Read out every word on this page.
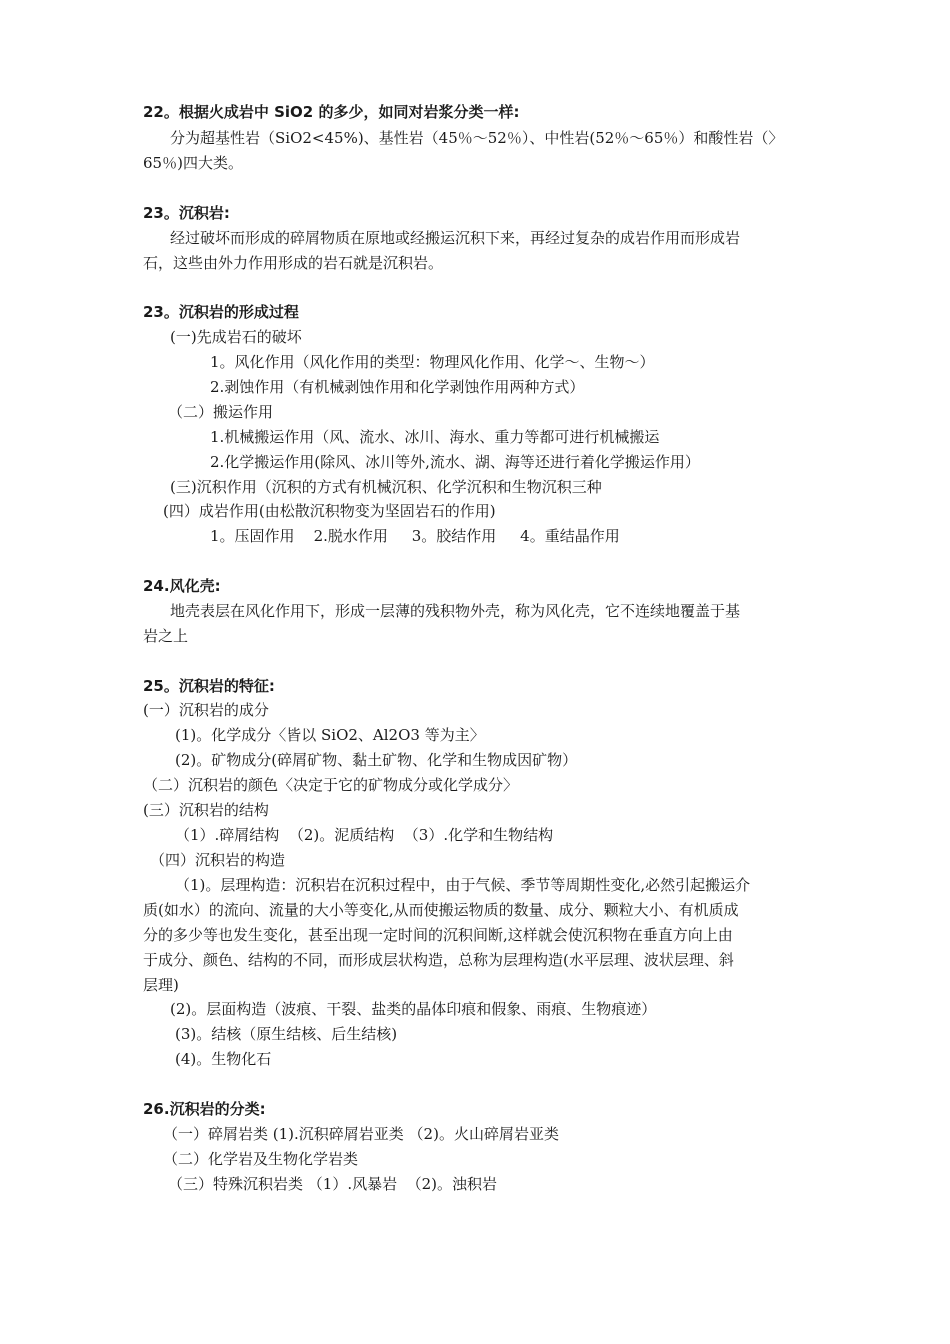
22。根据火成岩中 SiO2 的多少，如同对岩浆分类一样:
分为超基性岩（SiO2<45%)、基性岩（45％～52％）、中性岩(52％～65％）和酸性岩（〉
65％)四大类。
23。沉积岩:
经过破坏而形成的碎屑物质在原地或经搬运沉积下来，再经过复杂的成岩作用而形成岩
石，这些由外力作用形成的岩石就是沉积岩。
23。沉积岩的形成过程
(一)先成岩石的破坏
1。风化作用（风化作用的类型：物理风化作用、化学～、生物～）
2.剥蚀作用（有机械剥蚀作用和化学剥蚀作用两种方式）
（二）搬运作用
1.机械搬运作用（风、流水、冰川、海水、重力等都可进行机械搬运
2.化学搬运作用(除风、冰川等外,流水、湖、海等还进行着化学搬运作用）
(三)沉积作用（沉积的方式有机械沉积、化学沉积和生物沉积三种
(四）成岩作用(由松散沉积物变为坚固岩石的作用)
1。压固作用    2.脱水作用     3。胶结作用     4。重结晶作用
24.风化壳:
地壳表层在风化作用下，形成一层薄的残积物外壳，称为风化壳，它不连续地覆盖于基
岩之上
25。沉积岩的特征:
(一）沉积岩的成分
(1)。化学成分〈皆以 SiO2、Al2O3 等为主〉
(2)。矿物成分(碎屑矿物、黏土矿物、化学和生物成因矿物）
（二）沉积岩的颜色〈决定于它的矿物成分或化学成分〉
(三）沉积岩的结构
（1）.碎屑结构  （2)。泥质结构  （3）.化学和生物结构
（四）沉积岩的构造
（1)。层理构造：沉积岩在沉积过程中，由于气候、季节等周期性变化,必然引起搬运介
质(如水）的流向、流量的大小等变化,从而使搬运物质的数量、成分、颗粒大小、有机质成
分的多少等也发生变化，甚至出现一定时间的沉积间断,这样就会使沉积物在垂直方向上由
于成分、颜色、结构的不同，而形成层状构造，总称为层理构造(水平层理、波状层理、斜
层理)
(2)。层面构造（波痕、干裂、盐类的晶体印痕和假象、雨痕、生物痕迹）
(3)。结核（原生结核、后生结核)
(4)。生物化石
26.沉积岩的分类:
（一）碎屑岩类 (1).沉积碎屑岩亚类 （2)。火山碎屑岩亚类
（二）化学岩及生物化学岩类
（三）特殊沉积岩类 （1）.风暴岩  （2)。浊积岩
